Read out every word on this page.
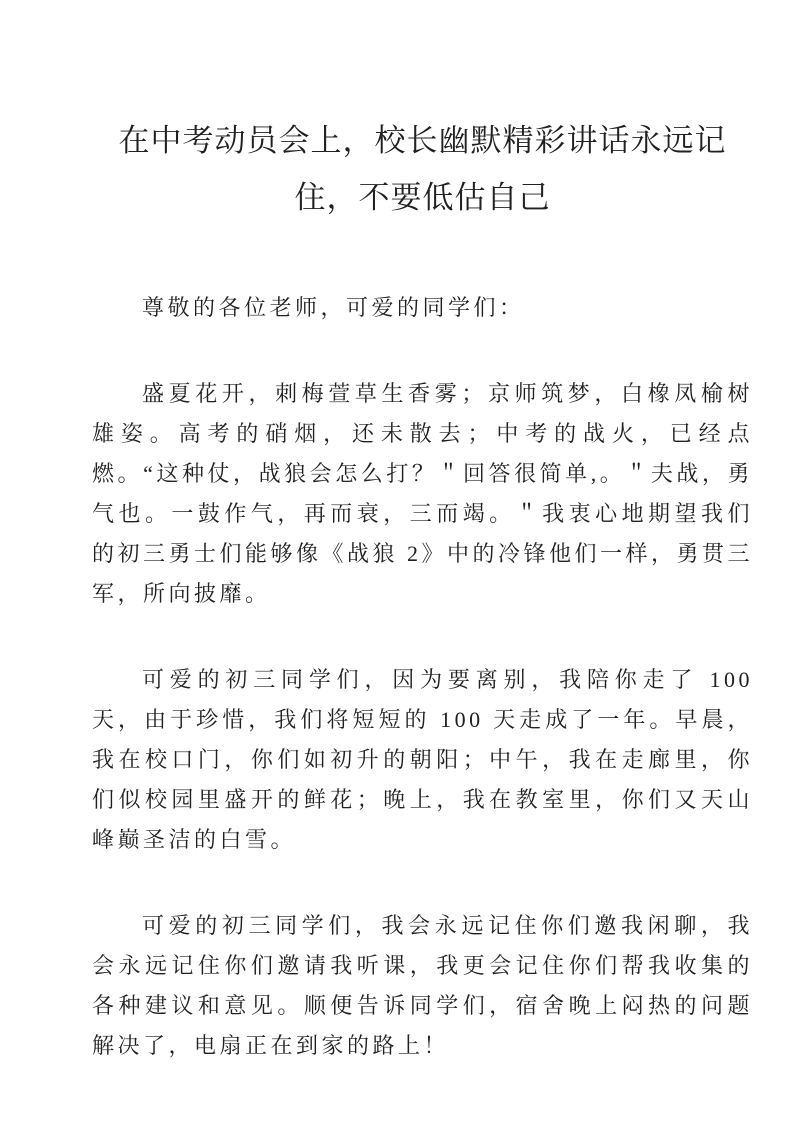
在中考动员会上，校长幽默精彩讲话永远记住，不要低估自己

尊敬的各位老师，可爱的同学们：

盛夏花开，刺梅萱草生香雾；京师筑梦，白橡凤榆树雄姿。高考的硝烟，还未散去；中考的战火，已经点燃。“这种仗，战狼会怎么打？＂回答很简单,。＂夫战，勇气也。一鼓作气，再而衰，三而竭。＂我衷心地期望我们的初三勇士们能够像《战狼 2》中的冷锋他们一样，勇贯三军，所向披靡。

可爱的初三同学们，因为要离别，我陪你走了 100 天，由于珍惜，我们将短短的 100 天走成了一年。早晨，我在校口门，你们如初升的朝阳；中午，我在走廊里，你们似校园里盛开的鲜花；晚上，我在教室里，你们又天山峰巅圣洁的白雪。

可爱的初三同学们，我会永远记住你们邀我闲聊，我会永远记住你们邀请我听课，我更会记住你们帮我收集的各种建议和意见。顺便告诉同学们，宿舍晚上闷热的问题解决了，电扇正在到家的路上！
